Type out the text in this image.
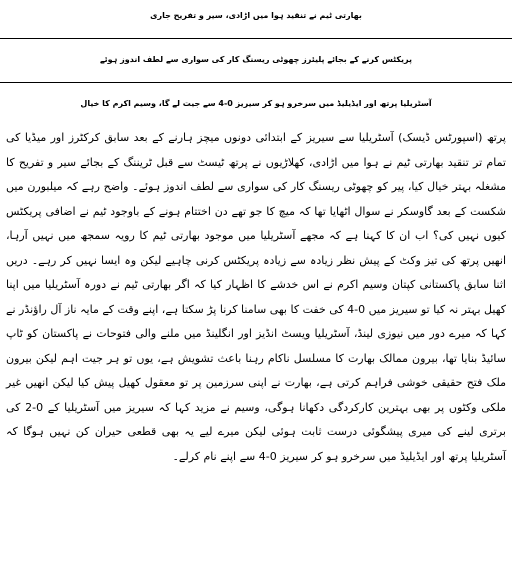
بھارتی ٹیم نے تنقید ہوا میں اڑادی، سیر و تفریح جاری
پریکٹس کرنے کے بجائے پلیئرز چھوٹی ریسنگ کار کی سواری سے لطف اندوز ہوئے
آسٹریلیا پرتھ اور ایڈیلیڈ میں سرخرو ہو کر سیریز 0-4 سے جیت لے گا، وسیم اکرم کا خیال

پرتھ (اسپورٹس ڈیسک) آسٹریلیا سے سیریز کے ابتدائی دونوں میچز ہارنے کے بعد سابق کرکٹرز اور میڈیا کی تمام تر تنقید بھارتی ٹیم نے ہوا میں اڑادی، کھلاڑیوں نے پرتھ ٹیسٹ سے قبل ٹریننگ کے بجائے سیر و تفریح کا مشغلہ بہتر خیال کیا، پیر کو چھوٹی ریسنگ کار کی سواری سے لطف اندوز ہوئے۔ واضح رہے کہ میلبورن میں شکست کے بعد گاوسکر نے سوال اٹھایا تھا کہ میچ کا جو تھے دن اختتام ہونے کے باوجود ٹیم نے اضافی پریکٹس کیوں نہیں کی؟ اب ان کا کہنا ہے کہ مجھے آسٹریلیا میں موجود بھارتی ٹیم کا رویہ سمجھ میں نہیں آرہا، انھیں پرتھ کی تیز وکٹ کے پیش نظر زیادہ سے زیادہ پریکٹس کرنی چاہیے لیکن وہ ایسا نہیں کر رہے۔ دریں اثنا سابق پاکستانی کپتان وسیم اکرم نے اس خدشے کا اظہار کیا کہ اگر بھارتی ٹیم نے دورہ آسٹریلیا میں اپنا کھیل بہتر نہ کیا تو سیریز میں 0-4 کی خفت کا بھی سامنا کرنا پڑ سکتا ہے، اپنے وقت کے مایہ ناز آل راؤنڈر نے کہا کہ میرے دور میں نیوزی لینڈ، آسٹریلیا ویسٹ انڈیز اور انگلینڈ میں ملنے والی فتوحات نے پاکستان کو ٹاپ سائیڈ بنایا تھا، بیرون ممالک بھارت کا مسلسل ناکام رہنا باعث تشویش ہے، یوں تو ہر جیت اہم لیکن بیرون ملک فتح حقیقی خوشی فراہم کرتی ہے، بھارت نے اپنی سرزمین پر تو معقول کھیل پیش کیا لیکن انھیں غیر ملکی وکٹوں پر بھی بہترین کارکردگی دکھانا ہوگی، وسیم نے مزید کہا کہ سیریز میں آسٹریلیا کے 0-2 کی برتری لینے کی میری پیشگوئی درست ثابت ہوئی لیکن میرے لیے یہ بھی قطعی حیران کن نہیں ہوگا کہ آسٹریلیا پرتھ اور ایڈیلیڈ میں سرخرو ہو کر سیریز 0-4 سے اپنے نام کرلے۔
